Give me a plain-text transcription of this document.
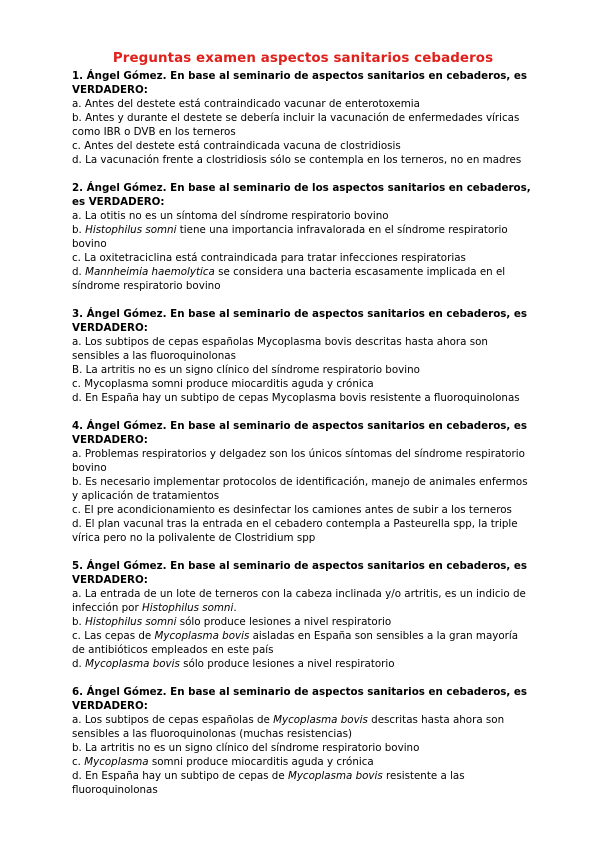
Preguntas examen aspectos sanitarios cebaderos

1. Ángel Gómez. En base al seminario de aspectos sanitarios en cebaderos, es VERDADERO:

a. Antes del destete está contraindicado vacunar de enterotoxemia

b. Antes y durante el destete se debería incluir la vacunación de enfermedades víricas como IBR o DVB en los terneros

c. Antes del destete está contraindicada vacuna de clostridiosis

d. La vacunación frente a clostridiosis sólo se contempla en los terneros, no en madres

2. Ángel Gómez. En base al seminario de los aspectos sanitarios en cebaderos, es VERDADERO:

a. La otitis no es un síntoma del síndrome respiratorio bovino

b. Histophilus somni tiene una importancia infravalorada en el síndrome respiratorio bovino

c. La oxitetraciclina está contraindicada para tratar infecciones respiratorias

d. Mannheimia haemolytica se considera una bacteria escasamente implicada en el síndrome respiratorio bovino

3. Ángel Gómez. En base al seminario de aspectos sanitarios en cebaderos, es VERDADERO:

a. Los subtipos de cepas españolas Mycoplasma bovis descritas hasta ahora son sensibles a las fluoroquinolonas

B. La artritis no es un signo clínico del síndrome respiratorio bovino

c. Mycoplasma somni produce miocarditis aguda y crónica

d. En España hay un subtipo de cepas Mycoplasma bovis resistente a fluoroquinolonas

4. Ángel Gómez. En base al seminario de aspectos sanitarios en cebaderos, es VERDADERO:

a. Problemas respiratorios y delgadez son los únicos síntomas del síndrome respiratorio bovino

b. Es necesario implementar protocolos de identificación, manejo de animales enfermos y aplicación de tratamientos

c. El pre acondicionamiento es desinfectar los camiones antes de subir a los terneros

d. El plan vacunal tras la entrada en el cebadero contempla a Pasteurella spp, la triple vírica pero no la polivalente de Clostridium spp

5. Ángel Gómez. En base al seminario de aspectos sanitarios en cebaderos, es VERDADERO:

a. La entrada de un lote de terneros con la cabeza inclinada y/o artritis, es un indicio de infección por Histophilus somni.

b. Histophilus somni sólo produce lesiones a nivel respiratorio

c. Las cepas de Mycoplasma bovis aisladas en España son sensibles a la gran mayoría de antibióticos empleados en este país

d. Mycoplasma bovis sólo produce lesiones a nivel respiratorio

6. Ángel Gómez. En base al seminario de aspectos sanitarios en cebaderos, es VERDADERO:

a. Los subtipos de cepas españolas de Mycoplasma bovis descritas hasta ahora son sensibles a las fluoroquinolonas (muchas resistencias)

b. La artritis no es un signo clínico del síndrome respiratorio bovino

c. Mycoplasma somni produce miocarditis aguda y crónica

d. En España hay un subtipo de cepas de Mycoplasma bovis resistente a las fluoroquinolonas
